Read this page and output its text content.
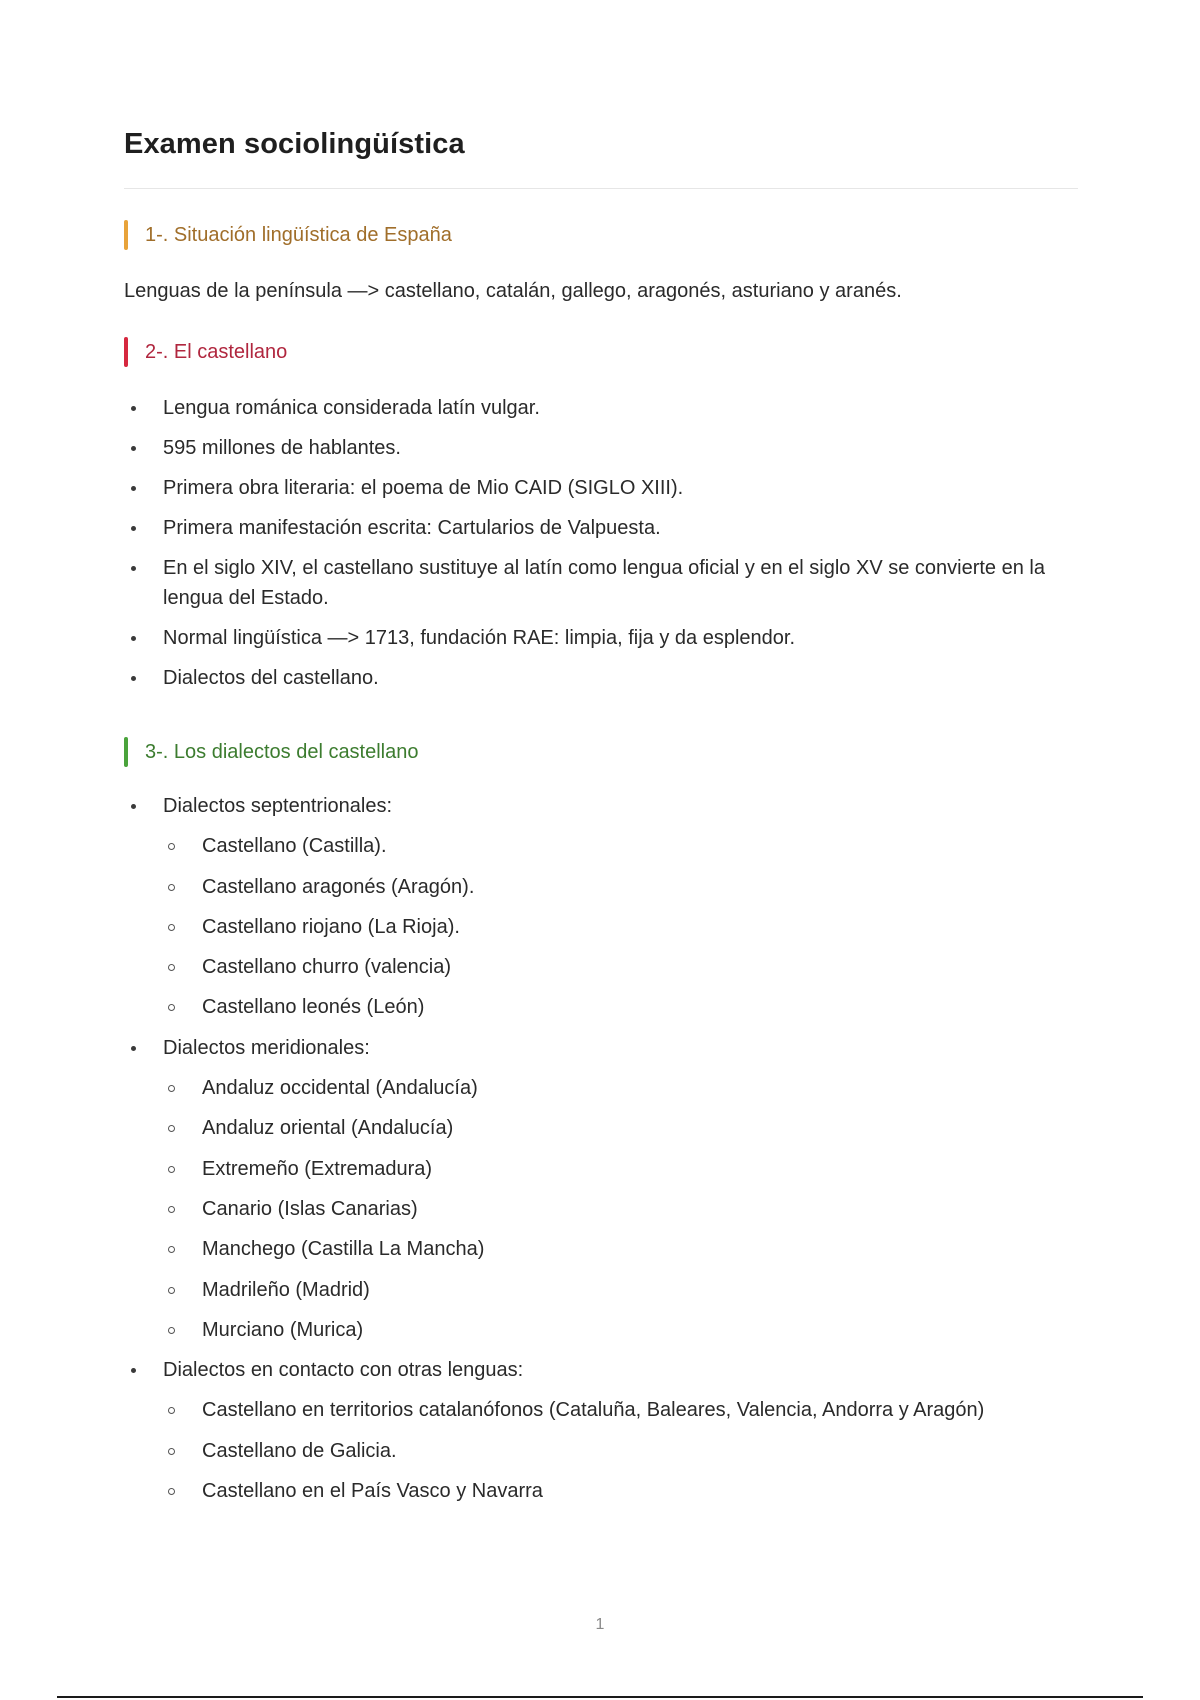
Examen sociolingüística
1-. Situación lingüística de España

Lenguas de la península —> castellano, catalán, gallego, aragonés, asturiano y aranés.

2-. El castellano
Lengua románica considerada latín vulgar.
595 millones de hablantes.
Primera obra literaria: el poema de Mio CAID (SIGLO XIII).
Primera manifestación escrita: Cartularios de Valpuesta.
En el siglo XIV, el castellano sustituye al latín como lengua oficial y en el siglo XV se convierte en la lengua del Estado.
Normal lingüística —> 1713, fundación RAE: limpia, fija y da esplendor.
Dialectos del castellano.
3-. Los dialectos del castellano
Dialectos septentrionales:
Castellano (Castilla).
Castellano aragonés (Aragón).
Castellano riojano (La Rioja).
Castellano churro (valencia)
Castellano leonés (León)
Dialectos meridionales:
Andaluz occidental (Andalucía)
Andaluz oriental (Andalucía)
Extremeño (Extremadura)
Canario (Islas Canarias)
Manchego (Castilla La Mancha)
Madrileño (Madrid)
Murciano (Murica)
Dialectos en contacto con otras lenguas:
Castellano en territorios catalanófonos (Cataluña, Baleares, Valencia, Andorra y Aragón)
Castellano de Galicia.
Castellano en el País Vasco y Navarra
1
